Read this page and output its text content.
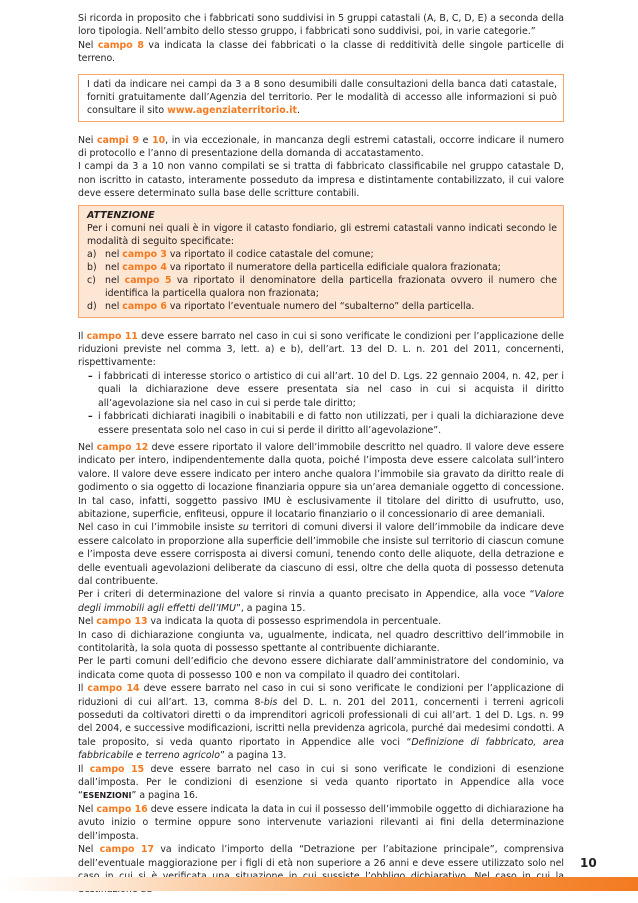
Si ricorda in proposito che i fabbricati sono suddivisi in 5 gruppi catastali (A, B, C, D, E) a seconda della loro tipologia. Nell’ambito dello stesso gruppo, i fabbricati sono suddivisi, poi, in varie categorie.”

Nel campo 8 va indicata la classe dei fabbricati o la classe di redditività delle singole particelle di terreno.

I dati da indicare nei campi da 3 a 8 sono desumibili dalle consultazioni della banca dati catastale, forniti gratuitamente dall’Agenzia del territorio. Per le modalità di accesso alle informazioni si può consultare il sito www.agenziaterritorio.it.

Nei campi 9 e 10, in via eccezionale, in mancanza degli estremi catastali, occorre indicare il numero di protocollo e l’anno di presentazione della domanda di accatastamento.

I campi da 3 a 10 non vanno compilati se si tratta di fabbricato classificabile nel gruppo catastale D, non iscritto in catasto, interamente posseduto da impresa e distintamente contabilizzato, il cui valore deve essere determinato sulla base delle scritture contabili.

ATTENZIONE

Per i comuni nei quali è in vigore il catasto fondiario, gli estremi catastali vanno indicati secondo le modalità di seguito specificate:

a) nel campo 3 va riportato il codice catastale del comune;
b) nel campo 4 va riportato il numeratore della particella edificiale qualora frazionata;
c) nel campo 5 va riportato il denominatore della particella frazionata ovvero il numero che identifica la particella qualora non frazionata;
d) nel campo 6 va riportato l’eventuale numero del “subalterno” della particella.

Il campo 11 deve essere barrato nel caso in cui si sono verificate le condizioni per l’applicazione delle riduzioni previste nel comma 3, lett. a) e b), dell’art. 13 del D. L. n. 201 del 2011, concernenti, rispettivamente:

– i fabbricati di interesse storico o artistico di cui all’art. 10 del D. Lgs. 22 gennaio 2004, n. 42, per i quali la dichiarazione deve essere presentata sia nel caso in cui si acquista il diritto all’agevolazione sia nel caso in cui si perde tale diritto;

– i fabbricati dichiarati inagibili o inabitabili e di fatto non utilizzati, per i quali la dichiarazione deve essere presentata solo nel caso in cui si perde il diritto all’agevolazione”.

Nel campo 12 deve essere riportato il valore dell’immobile descritto nel quadro. Il valore deve essere indicato per intero, indipendentemente dalla quota, poiché l’imposta deve essere calcolata sull’intero valore. Il valore deve essere indicato per intero anche qualora l’immobile sia gravato da diritto reale di godimento o sia oggetto di locazione finanziaria oppure sia un’area demaniale oggetto di concessione. In tal caso, infatti, soggetto passivo IMU è esclusivamente il titolare del diritto di usufrutto, uso, abitazione, superficie, enfiteusi, oppure il locatario finanziario o il concessionario di aree demaniali.

Nel caso in cui l’immobile insiste su territori di comuni diversi il valore dell’immobile da indicare deve essere calcolato in proporzione alla superficie dell’immobile che insiste sul territorio di ciascun comune e l’imposta deve essere corrisposta ai diversi comuni, tenendo conto delle aliquote, della detrazione e delle eventuali agevolazioni deliberate da ciascuno di essi, oltre che della quota di possesso detenuta dal contribuente.

Per i criteri di determinazione del valore si rinvia a quanto precisato in Appendice, alla voce “Valore degli immobili agli effetti dell’IMU”, a pagina 15.

Nel campo 13 va indicata la quota di possesso esprimendola in percentuale.

In caso di dichiarazione congiunta va, ugualmente, indicata, nel quadro descrittivo dell’immobile in contitolarità, la sola quota di possesso spettante al contribuente dichiarante.

Per le parti comuni dell’edificio che devono essere dichiarate dall’amministratore del condominio, va indicata come quota di possesso 100 e non va compilato il quadro dei contitolari.

Il campo 14 deve essere barrato nel caso in cui si sono verificate le condizioni per l’applicazione di riduzioni di cui all’art. 13, comma 8-bis del D. L. n. 201 del 2011, concernenti i terreni agricoli posseduti da coltivatori diretti o da imprenditori agricoli professionali di cui all’art. 1 del D. Lgs. n. 99 del 2004, e successive modificazioni, iscritti nella previdenza agricola, purché dai medesimi condotti. A tale proposito, si veda quanto riportato in Appendice alle voci “Definizione di fabbricato, area fabbricabile e terreno agricolo” a pagina 13.

Il campo 15 deve essere barrato nel caso in cui si sono verificate le condizioni di esenzione dall’imposta. Per le condizioni di esenzione si veda quanto riportato in Appendice alla voce “ESENZIONI” a pagina 16.

Nel campo 16 deve essere indicata la data in cui il possesso dell’immobile oggetto di dichiarazione ha avuto inizio o termine oppure sono intervenute variazioni rilevanti ai fini della determinazione dell’imposta.

Nel campo 17 va indicato l’importo della “Detrazione per l’abitazione principale”, comprensiva dell’eventuale maggiorazione per i figli di età non superiore a 26 anni e deve essere utilizzato solo nel 10
